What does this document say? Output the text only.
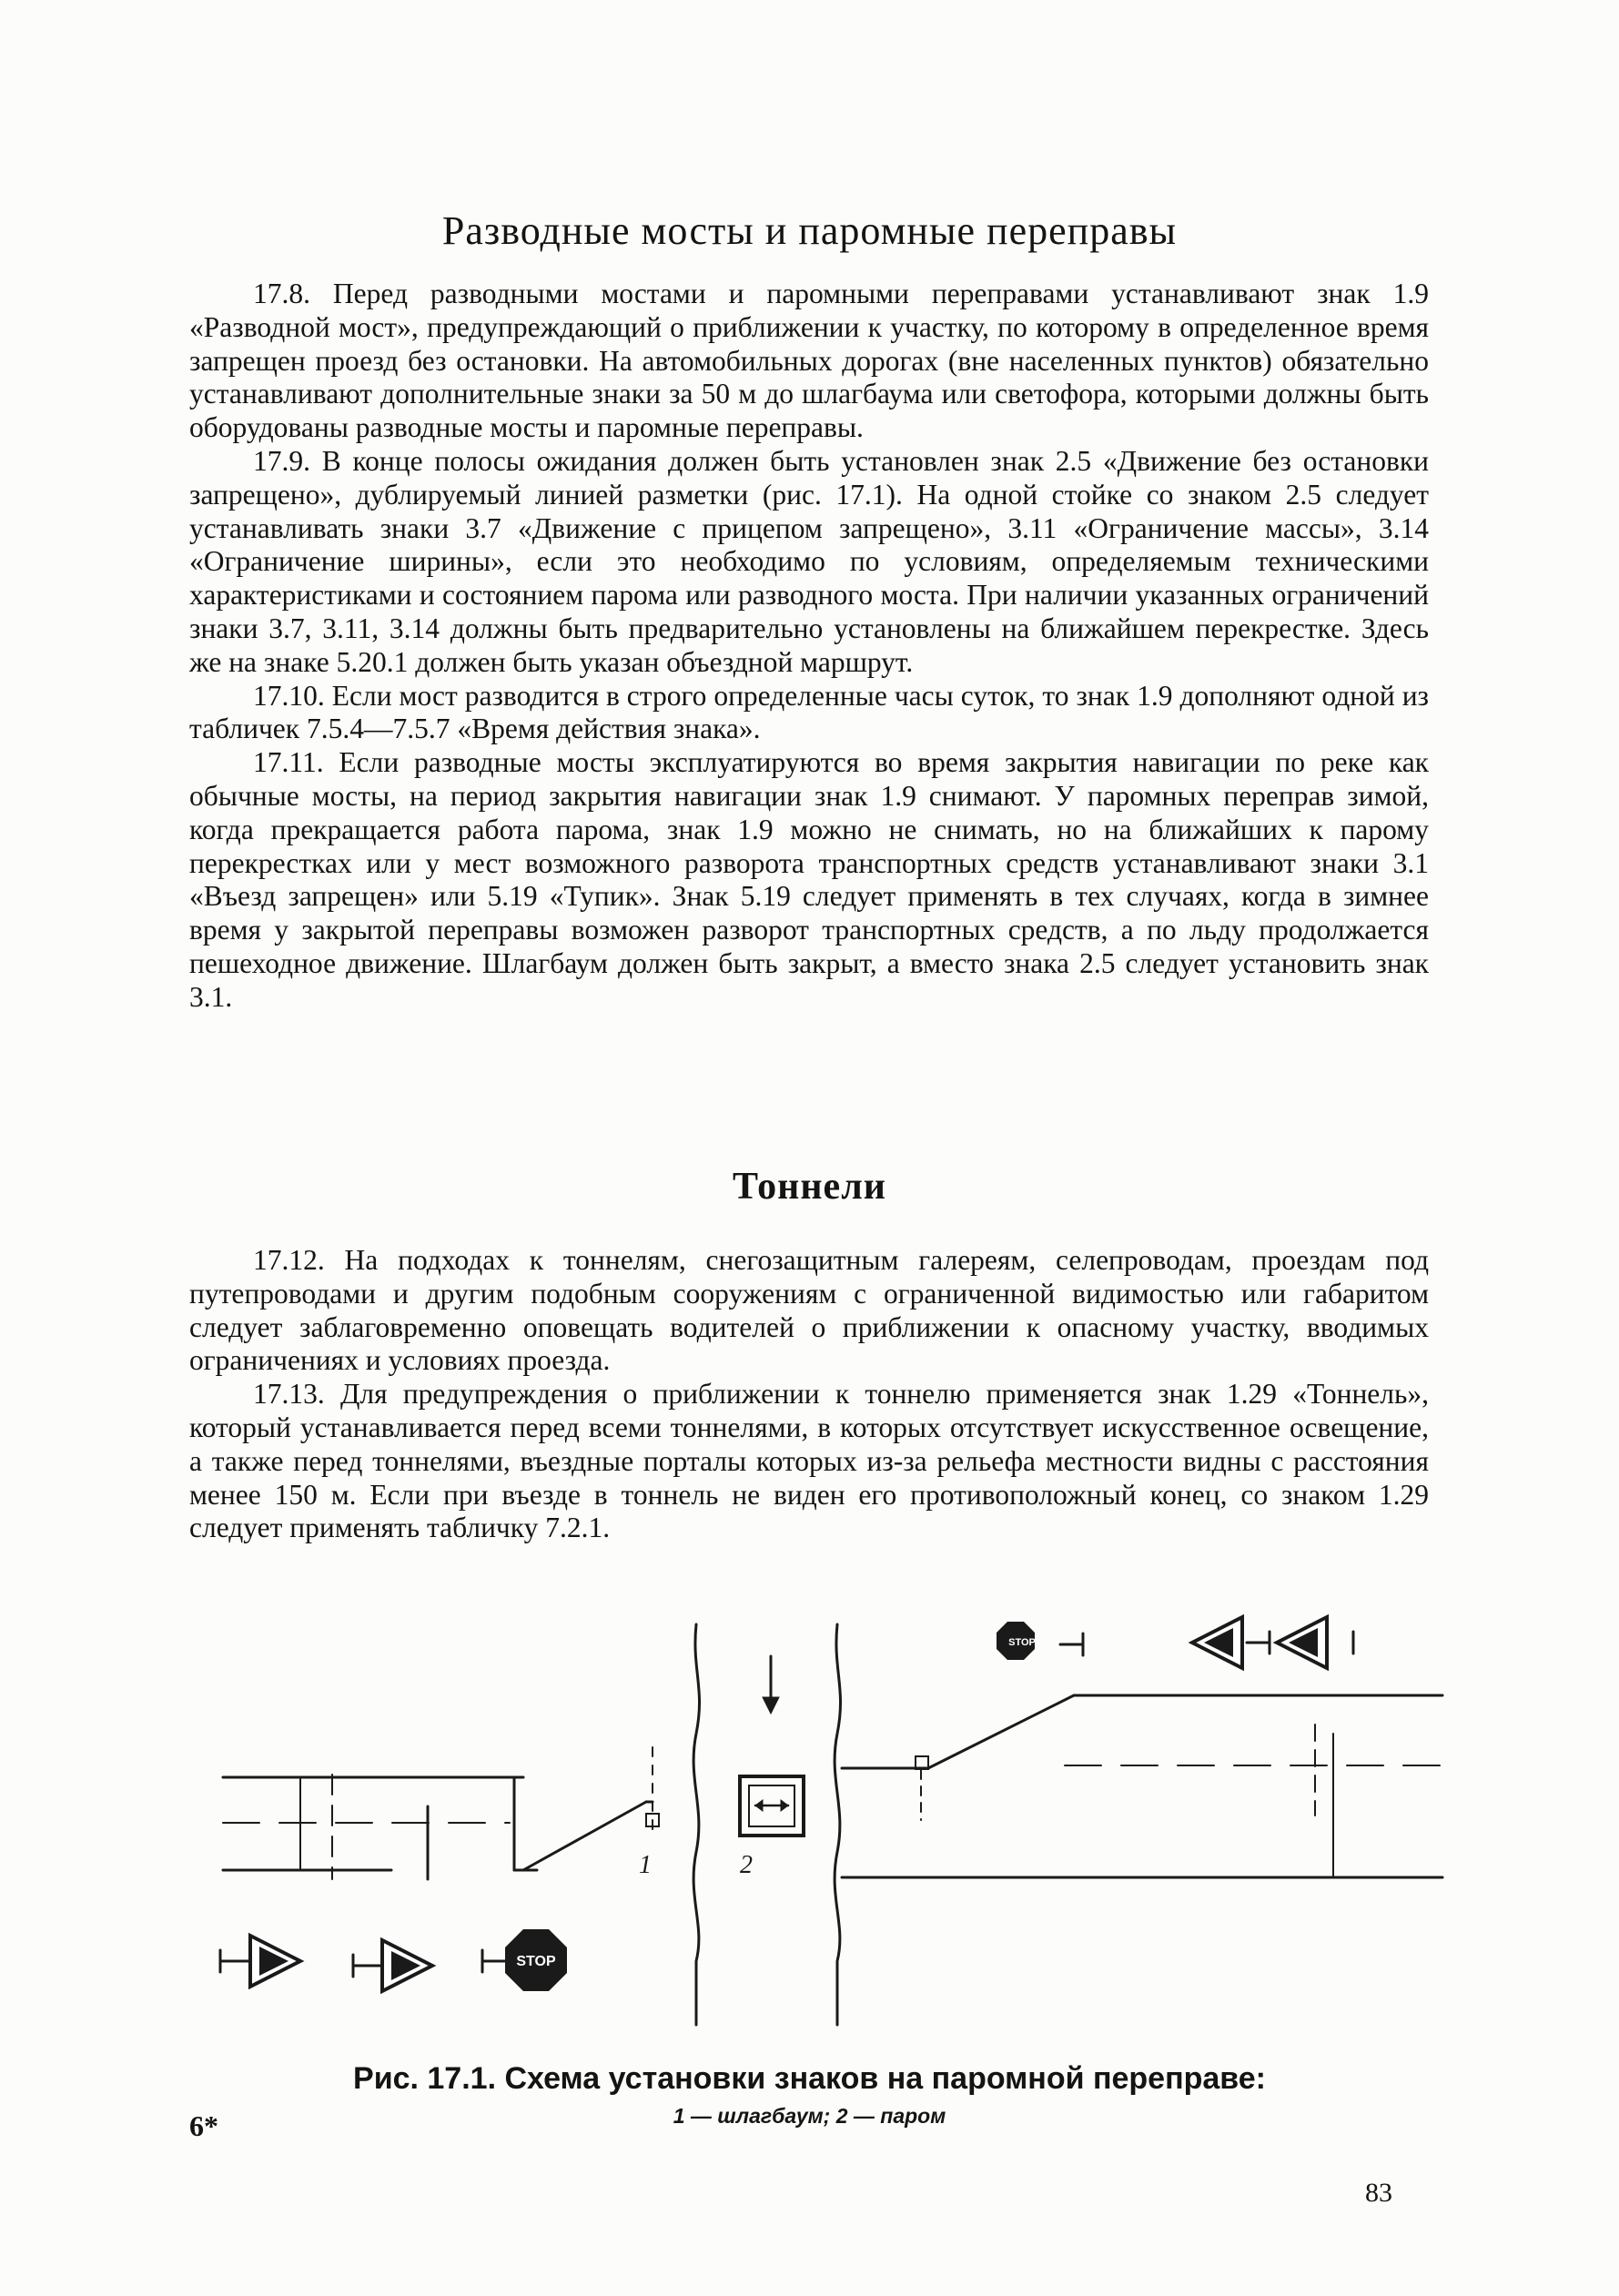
Разводные мосты и паромные переправы

17.8. Перед разводными мостами и паромными переправами устанавливают знак 1.9 «Разводной мост», предупреждающий о приближении к участку, по которому в определенное время запрещен проезд без остановки. На автомобильных дорогах (вне населенных пунктов) обязательно устанавливают дополнительные знаки за 50 м до шлагбаума или светофора, которыми должны быть оборудованы разводные мосты и паромные переправы.

17.9. В конце полосы ожидания должен быть установлен знак 2.5 «Движение без остановки запрещено», дублируемый линией разметки (рис. 17.1). На одной стойке со знаком 2.5 следует устанавливать знаки 3.7 «Движение с прицепом запрещено», 3.11 «Ограничение массы», 3.14 «Ограничение ширины», если это необходимо по условиям, определяемым техническими характеристиками и состоянием парома или разводного моста. При наличии указанных ограничений знаки 3.7, 3.11, 3.14 должны быть предварительно установлены на ближайшем перекрестке. Здесь же на знаке 5.20.1 должен быть указан объездной маршрут.

17.10. Если мост разводится в строго определенные часы суток, то знак 1.9 дополняют одной из табличек 7.5.4—7.5.7 «Время действия знака».

17.11. Если разводные мосты эксплуатируются во время закрытия навигации по реке как обычные мосты, на период закрытия навигации знак 1.9 снимают. У паромных переправ зимой, когда прекращается работа парома, знак 1.9 можно не снимать, но на ближайших к парому перекрестках или у мест возможного разворота транспортных средств устанавливают знаки 3.1 «Въезд запрещен» или 5.19 «Тупик». Знак 5.19 следует применять в тех случаях, когда в зимнее время у закрытой переправы возможен разворот транспортных средств, а по льду продолжается пешеходное движение. Шлагбаум должен быть закрыт, а вместо знака 2.5 следует установить знак 3.1.

Тоннели

17.12. На подходах к тоннелям, снегозащитным галереям, селепроводам, проездам под путепроводами и другим подобным сооружениям с ограниченной видимостью или габаритом следует заблаговременно оповещать водителей о приближении к опасному участку, вводимых ограничениях и условиях проезда.

17.13. Для предупреждения о приближении к тоннелю применяется знак 1.29 «Тоннель», который устанавливается перед всеми тоннелями, в которых отсутствует искусственное освещение, а также перед тоннелями, въездные порталы которых из-за рельефа местности видны с расстояния менее 150 м. Если при въезде в тоннель не виден его противоположный конец, со знаком 1.29 следует применять табличку 7.2.1.

STOP
STOP
1	2
Рис. 17.1. Схема установки знаков на паромной переправе:
1 — шлагбаум; 2 — паром
6*
83
